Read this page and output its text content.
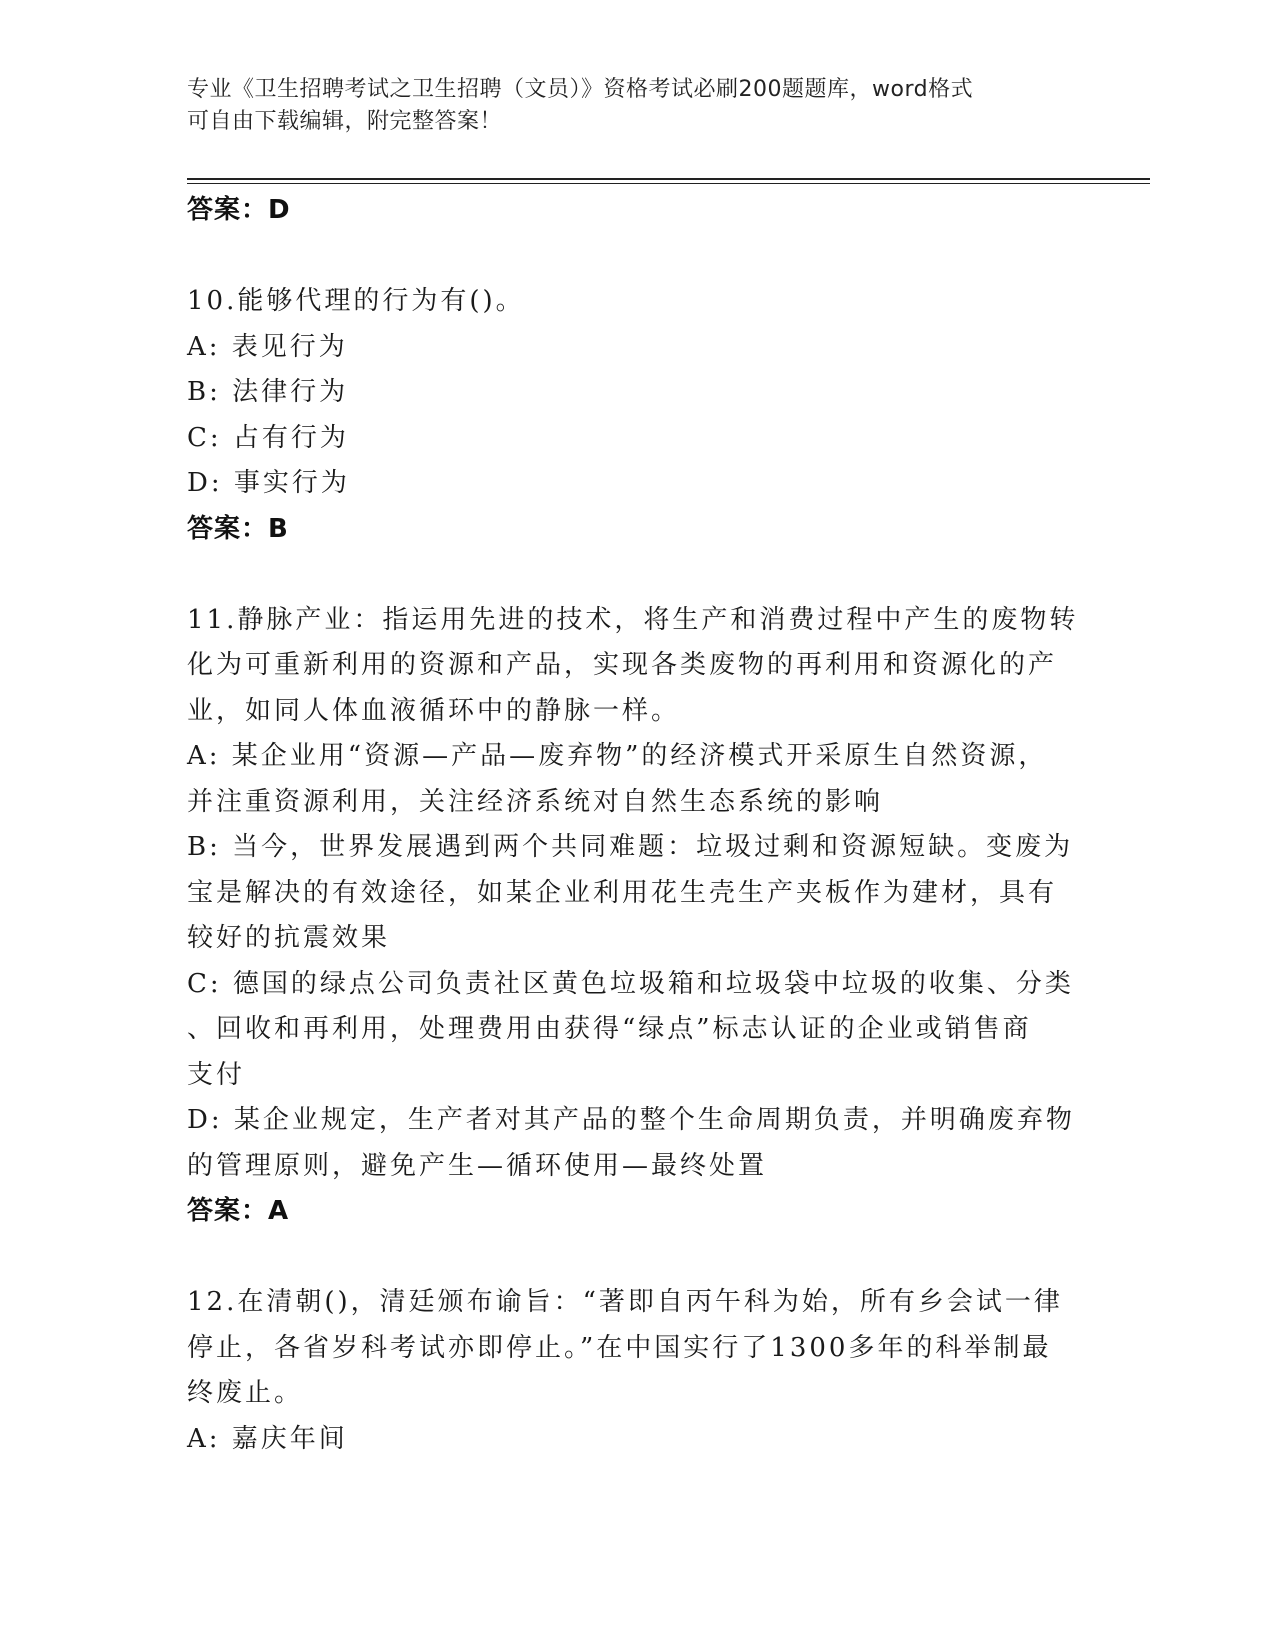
专业《卫生招聘考试之卫生招聘（文员）》资格考试必刷200题题库，word格式
可自由下载编辑，附完整答案！
答案：D
10.能够代理的行为有()。
A: 表见行为
B: 法律行为
C: 占有行为
D: 事实行为
答案：B
11.静脉产业：指运用先进的技术，将生产和消费过程中产生的废物转
化为可重新利用的资源和产品，实现各类废物的再利用和资源化的产
业，如同人体血液循环中的静脉一样。
A: 某企业用“资源—产品—废弃物”的经济模式开采原生自然资源，
并注重资源利用，关注经济系统对自然生态系统的影响
B: 当今，世界发展遇到两个共同难题：垃圾过剩和资源短缺。变废为
宝是解决的有效途径，如某企业利用花生壳生产夹板作为建材，具有
较好的抗震效果
C: 德国的绿点公司负责社区黄色垃圾箱和垃圾袋中垃圾的收集、分类
、回收和再利用，处理费用由获得“绿点”标志认证的企业或销售商
支付
D: 某企业规定，生产者对其产品的整个生命周期负责，并明确废弃物
的管理原则，避免产生—循环使用—最终处置
答案：A
12.在清朝()，清廷颁布谕旨：“著即自丙午科为始，所有乡会试一律
停止，各省岁科考试亦即停止。”在中国实行了1300多年的科举制最
终废止。
A: 嘉庆年间
